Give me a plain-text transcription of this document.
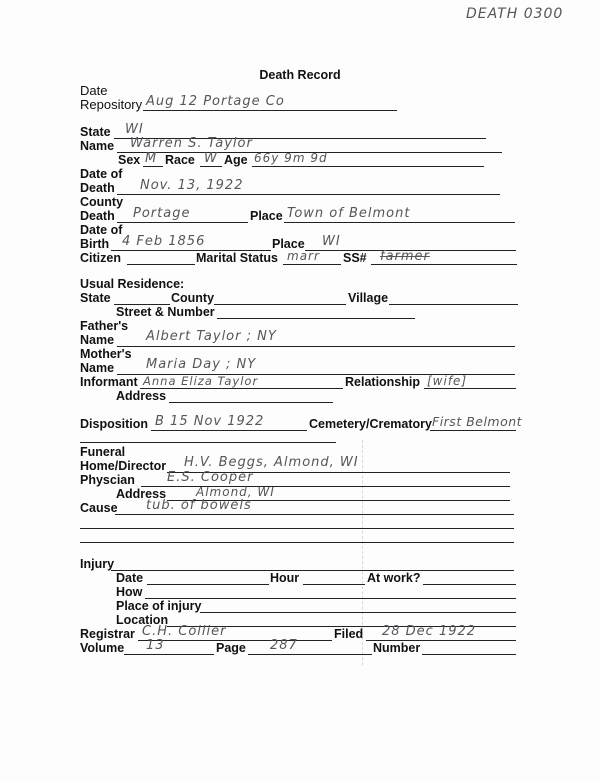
DEATH 0300
Death Record
Date
Repository Aug 12 Portage Co
State WI
Name Warren S. Taylor
Sex M Race W Age 66y 9m 9d
Date of
Death Nov. 13, 1922
County
Death Portage	Place Town of Belmont
Date of
Birth 4 Feb 1856	Place WI
Citizen	Marital Status marr SS# farmer
Usual Residence:
State	County	Village
Street & Number
Father's
Name Albert Taylor ; NY
Mother's
Name Maria Day ; NY
Informant Anna Eliza Taylor	Relationship [wife]
Address
Disposition B 15 Nov 1922	Cemetery/Crematory First Belmont
Funeral
Home/Director H.V. Beggs, Almond, WI
Physcian E.S. Cooper
Address Almond, WI
Cause tub. of bowels
Injury
Date	Hour	At work?
How
Place of injury
Location
Registrar C.H. Collier	Filed 28 Dec 1922
Volume 13	Page 287	Number
